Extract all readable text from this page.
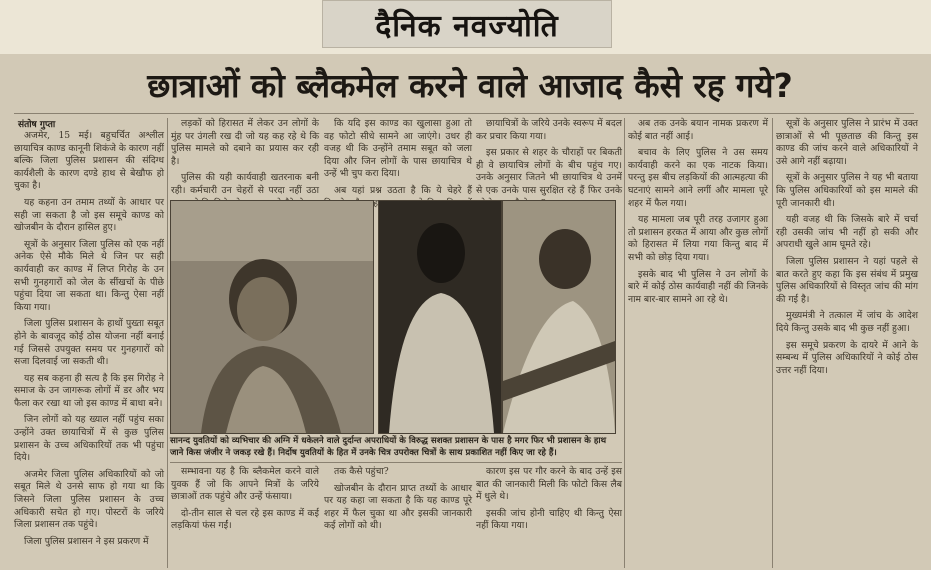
दैनिक नवज्योति
छात्राओं को ब्लैकमेल करने वाले आजाद कैसे रह गये?
संतोष गुप्ता

अजमेर, 15 मई। बहुचर्चित अश्लील छायाचित्र काण्ड कानूनी शिकंजे के कारण नहीं बल्कि जिला पुलिस प्रशासन की संदिग्ध कार्यशैली के कारण दण्डे हाथ से बेखौफ हो चुका है।

यह कहना उन तमाम तथ्यों के आधार पर सही जा सकता है जो इस समूचे काण्ड को खोजबीन के दौरान हासिल हुए।

सूत्रों के अनुसार जिला पुलिस को एक नहीं अनेक ऐसे मौके मिले थे जिन पर सही कार्यवाही कर काण्ड में लिप्त गिरोह के उन सभी गुनहगारों को जेल के सींखचों के पीछे पहुंचा दिया जा सकता था। किन्तु ऐसा नहीं किया गया।

जिला पुलिस प्रशासन के हाथों पुख्ता सबूत होने के बावजूद कोई ठोस योजना नहीं बनाई गई जिससे उपयुक्त समय पर गुनहगारों को सजा दिलवाई जा सकती थी।

यह सब कहना ही सत्य है कि इस गिरोह ने समाज के उन जागरूक लोगों में डर और भय फैला कर रखा था जो इस काण्ड में बाधा बने।

जिन लोगों को यह ख्याल नहीं पहुंच सका उन्होंने उक्त छायाचित्रों में से कुछ पुलिस प्रशासन के उच्च अधिकारियों तक भी पहुंचा दिये।

अजमेर जिला पुलिस अधिकारियों को जो सबूत मिले थे उनसे साफ हो गया था कि जिसने जिला पुलिस प्रशासन के उच्च अधिकारी सचेत हो गए। पोस्टरों के जरिये जिला प्रशासन तक पहुंचे।

जिला पुलिस प्रशासन ने इस प्रकरण में

लड़कों को हिरासत में लेकर उन लोगों के मुंह पर उंगली रख दी जो यह कह रहे थे कि पुलिस मामले को दबाने का प्रयास कर रही है।

पुलिस की यही कार्यवाही खतरनाक बनी रही। कर्मचारी उन चेहरों से परदा नहीं उठा

कि यदि इस काण्ड का खुलासा हुआ तो वह फोटो सीधे सामने आ जाएंगे। उधर ही वजह थी कि उन्होंने तमाम सबूत को जला दिया और जिन लोगों के पास छायाचित्र थे उन्हें भी चुप करा दिया।

अब यहां प्रश्न उठता है कि ये चेहरे हैं

छायाचित्रों के जरिये उनके स्वरूप में बदल कर प्रचार किया गया।

इस प्रकार से शहर के चौराहों पर बिकती ही वे छायाचित्र लोगों के बीच पहुंच गए। उनके अनुसार जितने भी छायाचित्र थे उनमें से एक उनके पास सुरक्षित रहे हैं फिर उनके

अब तक उनके बयान नामक प्रकरण में कोई बात नहीं आई।

बचाव के लिए पुलिस ने उस समय कार्यवाही करने का एक नाटक किया। परन्तु इस बीच लड़कियों की आत्महत्या की घटनाएं सामने आने लगीं और मामला पूरे शहर में फैल गया।

यह मामला जब पूरी तरह उजागर हुआ तो प्रशासन हरकत में आया और कुछ लोगों को हिरासत में लिया गया किन्तु बाद में सभी को छोड़ दिया गया।

इसके बाद भी पुलिस ने उन लोगों के बारे में कोई ठोस कार्यवाही नहीं की जिनके नाम बार-बार सामने आ रहे थे।

सूत्रों के अनुसार पुलिस ने प्रारंभ में उक्त छात्राओं से भी पूछताछ की किन्तु इस काण्ड की जांच करने वाले अधिकारियों ने उसे आगे नहीं बढ़ाया।

सूत्रों के अनुसार पुलिस ने यह भी बताया कि पुलिस अधिकारियों को इस मामले की पूरी जानकारी थी।

यही वजह थी कि जिसके बारे में चर्चा रही उसकी जांच भी नहीं हो सकी और अपराधी खुले आम घूमते रहे।

जिला पुलिस प्रशासन ने यहां पहले से बात करते हुए कहा कि इस संबंध में प्रमुख पुलिस अधिकारियों से विस्तृत जांच की मांग की गई है।

मुख्यमंत्री ने तत्काल में जांच के आदेश दिये किन्तु उसके बाद भी कुछ नहीं हुआ।

इस समूचे प्रकरण के दायरे में आने के सम्बन्ध में पुलिस अधिकारियों ने कोई ठोस उत्तर नहीं दिया।

सानन्द युवतियों को व्यभिचार की अग्नि में धकेलने वाले दुर्दान्त अपराधियों के विरुद्ध सशक्त प्रशासन के पास है मगर फिर भी प्रशासन के हाथ जाने किस जंजीर ने जकड़ रखे हैं। निर्दोष युवतियों के हित में उनके चित्र उपरोक्त चित्रों के साथ प्रकाशित नहीं किए जा रहे हैं।

सम्भावना यह है कि ब्लैकमेल करने वाले युवक हैं जो कि आपने मित्रों के जरिये छात्राओं तक पहुंचे और उन्हें फंसाया।

दो-तीन साल से चल रहे इस काण्ड में कई लड़कियां फंस गईं।

तक कैसे पहुंचा?

खोजबीन के दौरान प्राप्त तथ्यों के आधार पर यह कहा जा सकता है कि यह काण्ड पूरे शहर में फैल चुका था और इसकी जानकारी कई लोगों को थी।

कारण इस पर गौर करने के बाद उन्हें इस बात की जानकारी मिली कि फोटो किस लैब में धुले थे।

इसकी जांच होनी चाहिए थी किन्तु ऐसा नहीं किया गया।
